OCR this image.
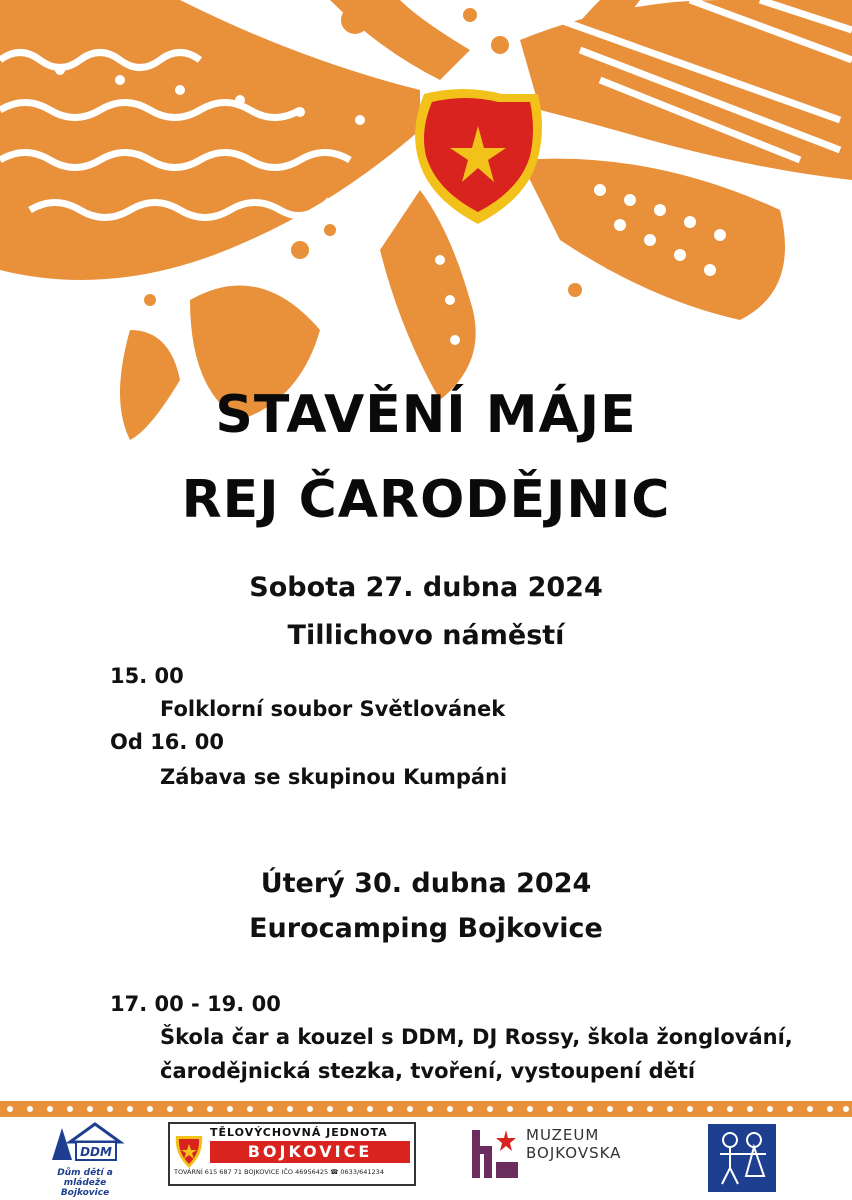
STAVĚNÍ MÁJE
REJ ČARODĚJNIC
Sobota 27. dubna 2024
Tillichovo náměstí
15. 00
Folklorní soubor Světlovánek
Od 16. 00
Zábava se skupinou Kumpáni
Úterý 30. dubna 2024
Eurocamping Bojkovice
17. 00 - 19. 00
Škola čar a kouzel s DDM, DJ Rossy, škola žonglování,
čarodějnická stezka, tvoření, vystoupení dětí
DDM
Dům dětí a mládeže
Bojkovice
TĚLOVÝCHOVNÁ JEDNOTA
BOJKOVICE
TOVÁRNÍ 615 687 71 BOJKOVICE IČO 46956425 ☎ 0633/641234
MUZEUM
BOJKOVSKA
